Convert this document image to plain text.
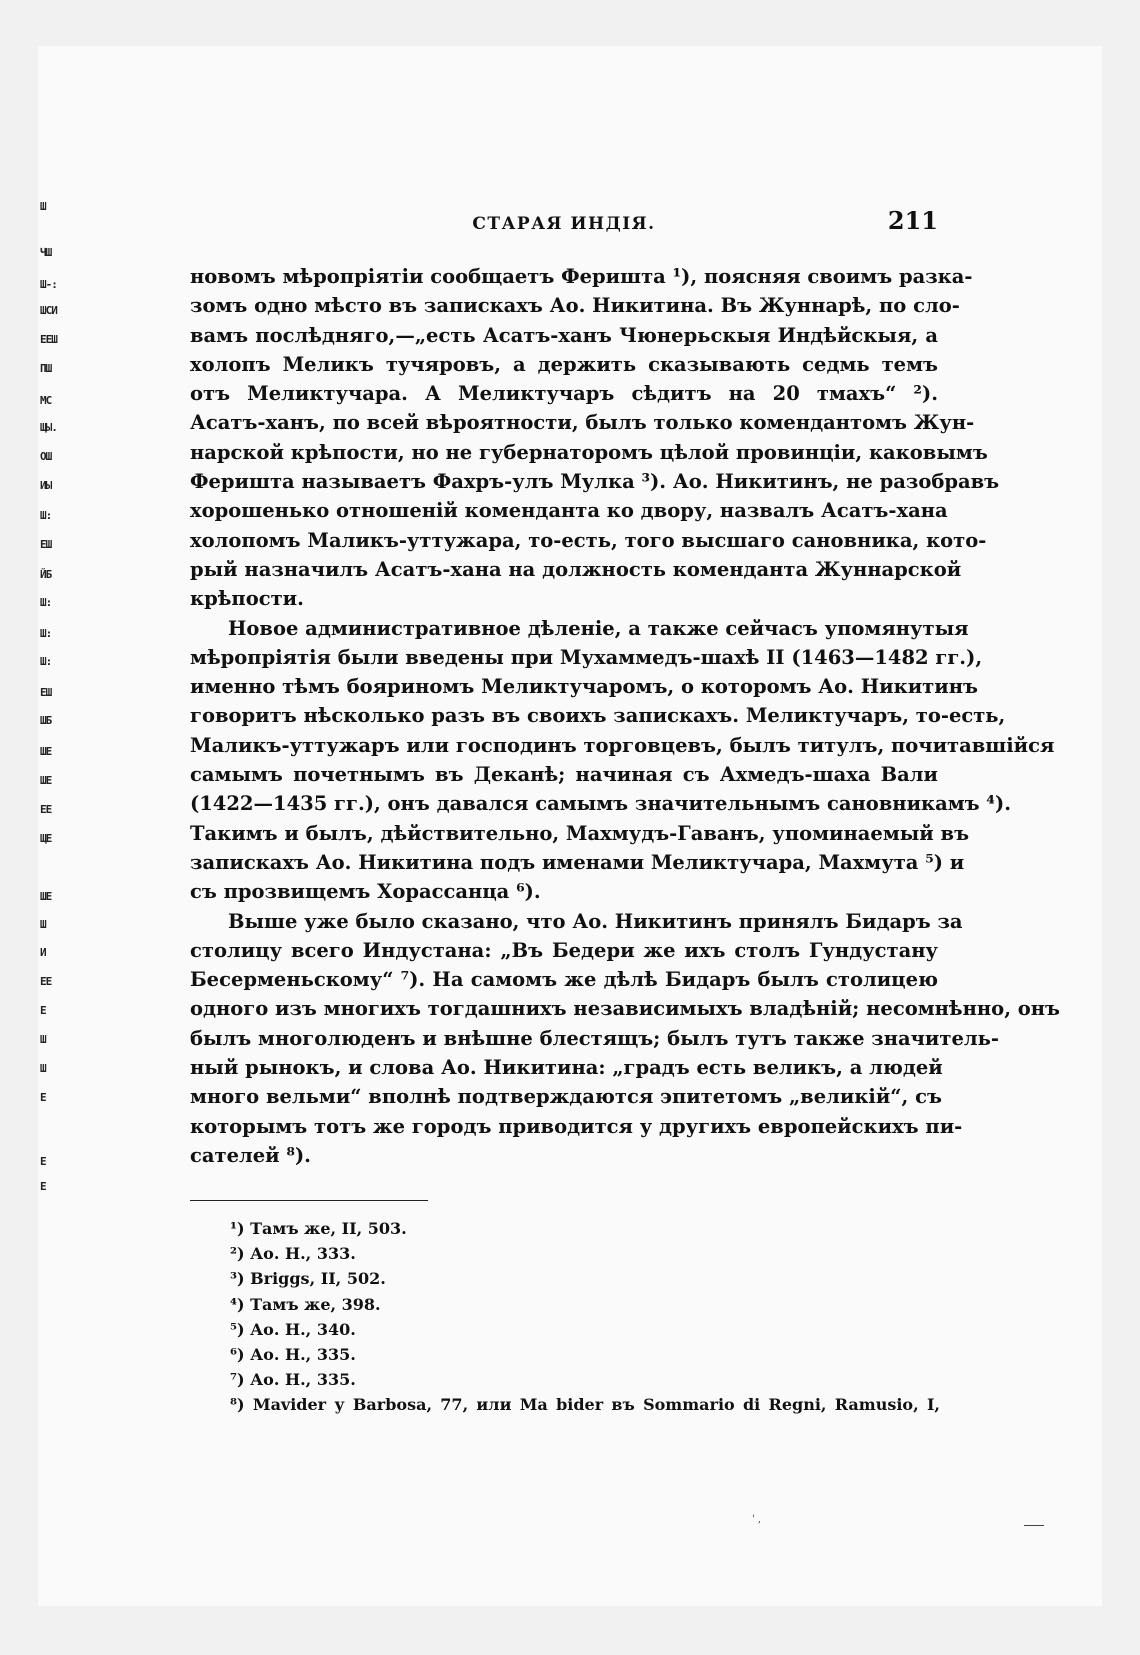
Ш
ЧШ
Ш-:
ШСИ
ЕЕШ
ПШ
МС
ЩЫ.
ОШ
ИЫ
Ш:
ЕШ
ЙБ
Ш:
Ш:
Ш:
ЕШ
ШБ
ШЕ
ШЕ
ЕЕ
ЩЕ
ШЕ
Ш
И
ЕЕ
Е
Ш
Ш
Е
Е
Е
СТАРАЯ ИНДІЯ.	211
новомъ мѣропріятіи сообщаетъ Феришта ¹), поясняя своимъ разка-
зомъ одно мѣсто въ запискахъ Ао. Никитина. Въ Жуннарѣ, по сло-
вамъ послѣдняго,—„есть Асатъ-ханъ Чюнерьскыя Индѣйскыя, а
холопъ Меликъ тучяровъ, а держить сказывають седмь темъ
отъ Меликтучара. А Меликтучаръ сѣдитъ на 20 тмахъ“ ²).
Асатъ-ханъ, по всей вѣроятности, былъ только комендантомъ Жун-
нарской крѣпости, но не губернаторомъ цѣлой провинціи, каковымъ
Феришта называетъ Фахръ-улъ Мулка ³). Ао. Никитинъ, не разобравъ
хорошенько отношеній коменданта ко двору, назвалъ Асатъ-хана
холопомъ Маликъ-уттужара, то-есть, того высшаго сановника, кото-
рый назначилъ Асатъ-хана на должность коменданта Жуннарской
крѣпости.
Новое административное дѣленіе, а также сейчасъ упомянутыя
мѣропріятія были введены при Мухаммедъ-шахѣ II (1463—1482 гг.),
именно тѣмъ бояриномъ Меликтучаромъ, о которомъ Ао. Никитинъ
говоритъ нѣсколько разъ въ своихъ запискахъ. Меликтучаръ, то-есть,
Маликъ-уттужаръ или господинъ торговцевъ, былъ титулъ, почитавшійся
самымъ почетнымъ въ Деканѣ; начиная съ Ахмедъ-шаха Вали
(1422—1435 гг.), онъ давался самымъ значительнымъ сановникамъ ⁴).
Такимъ и былъ, дѣйствительно, Махмудъ-Гаванъ, упоминаемый въ
запискахъ Ао. Никитина подъ именами Меликтучара, Махмута ⁵) и
съ прозвищемъ Хорассанца ⁶).
Выше уже было сказано, что Ао. Никитинъ принялъ Бидаръ за
столицу всего Индустана: „Въ Бедери же ихъ столъ Гундустану
Бесерменьскому“ ⁷). На самомъ же дѣлѣ Бидаръ былъ столицею
одного изъ многихъ тогдашнихъ независимыхъ владѣній; несомнѣнно, онъ
былъ многолюденъ и внѣшне блестящъ; былъ тутъ также значитель-
ный рынокъ, и слова Ао. Никитина: „градъ есть великъ, а людей
много вельми“ вполнѣ подтверждаются эпитетомъ „великій“, съ
которымъ тотъ же городъ приводится у другихъ европейскихъ пи-
сателей ⁸).
¹) Тамъ же, II, 503.
²) Ао. Н., 333.
³) Briggs, II, 502.
⁴) Тамъ же, 398.
⁵) Ао. Н., 340.
⁶) Ао. Н., 335.
⁷) Ао. Н., 335.
⁸) Mavider у Barbosa, 77, или Ma bider въ Sommario di Regni, Ramusio, I,
' ,
